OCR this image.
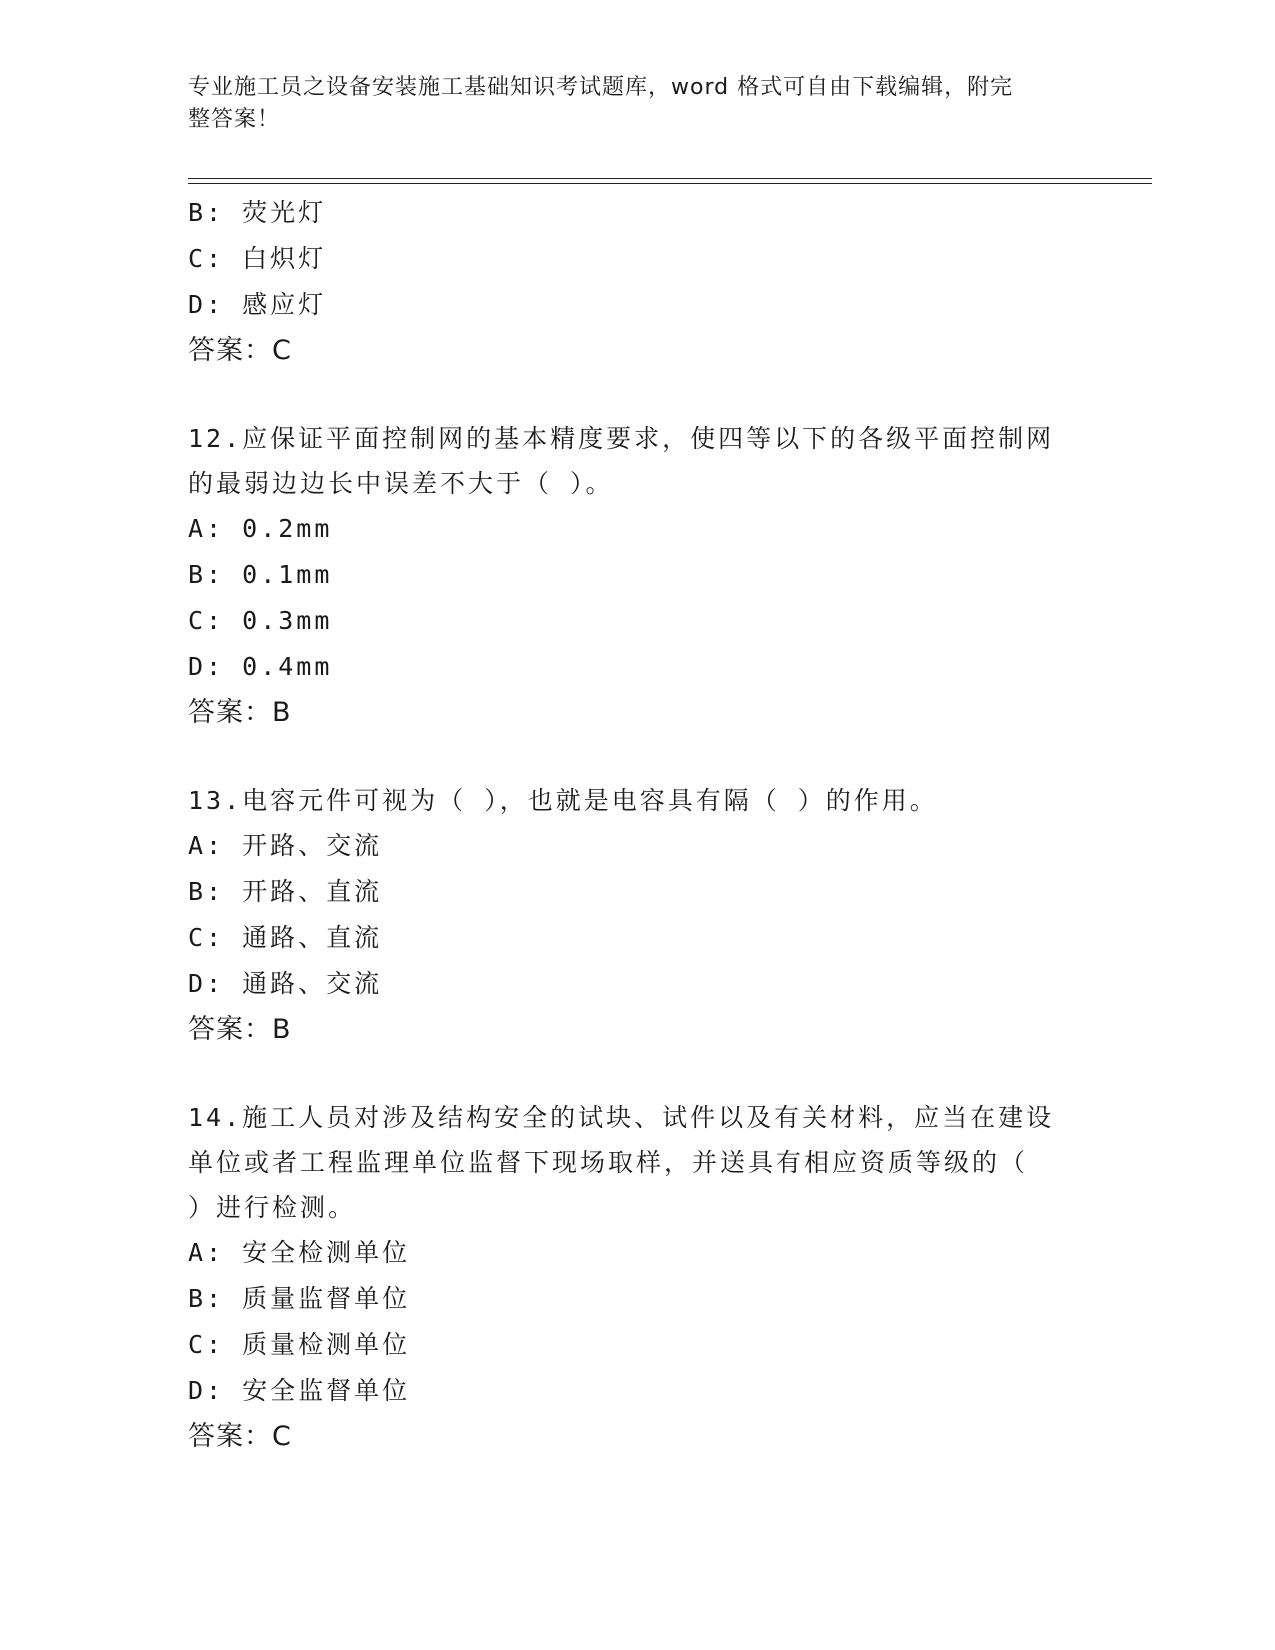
专业施工员之设备安装施工基础知识考试题库，word 格式可自由下载编辑，附完
整答案！
B: 荧光灯
C: 白炽灯
D: 感应灯
答案：C
12.应保证平面控制网的基本精度要求，使四等以下的各级平面控制网
的最弱边边长中误差不大于（ ）。
A: 0.2mm
B: 0.1mm
C: 0.3mm
D: 0.4mm
答案：B
13.电容元件可视为（ ），也就是电容具有隔（ ）的作用。
A: 开路、交流
B: 开路、直流
C: 通路、直流
D: 通路、交流
答案：B
14.施工人员对涉及结构安全的试块、试件以及有关材料，应当在建设
单位或者工程监理单位监督下现场取样，并送具有相应资质等级的（
）进行检测。
A: 安全检测单位
B: 质量监督单位
C: 质量检测单位
D: 安全监督单位
答案：C
